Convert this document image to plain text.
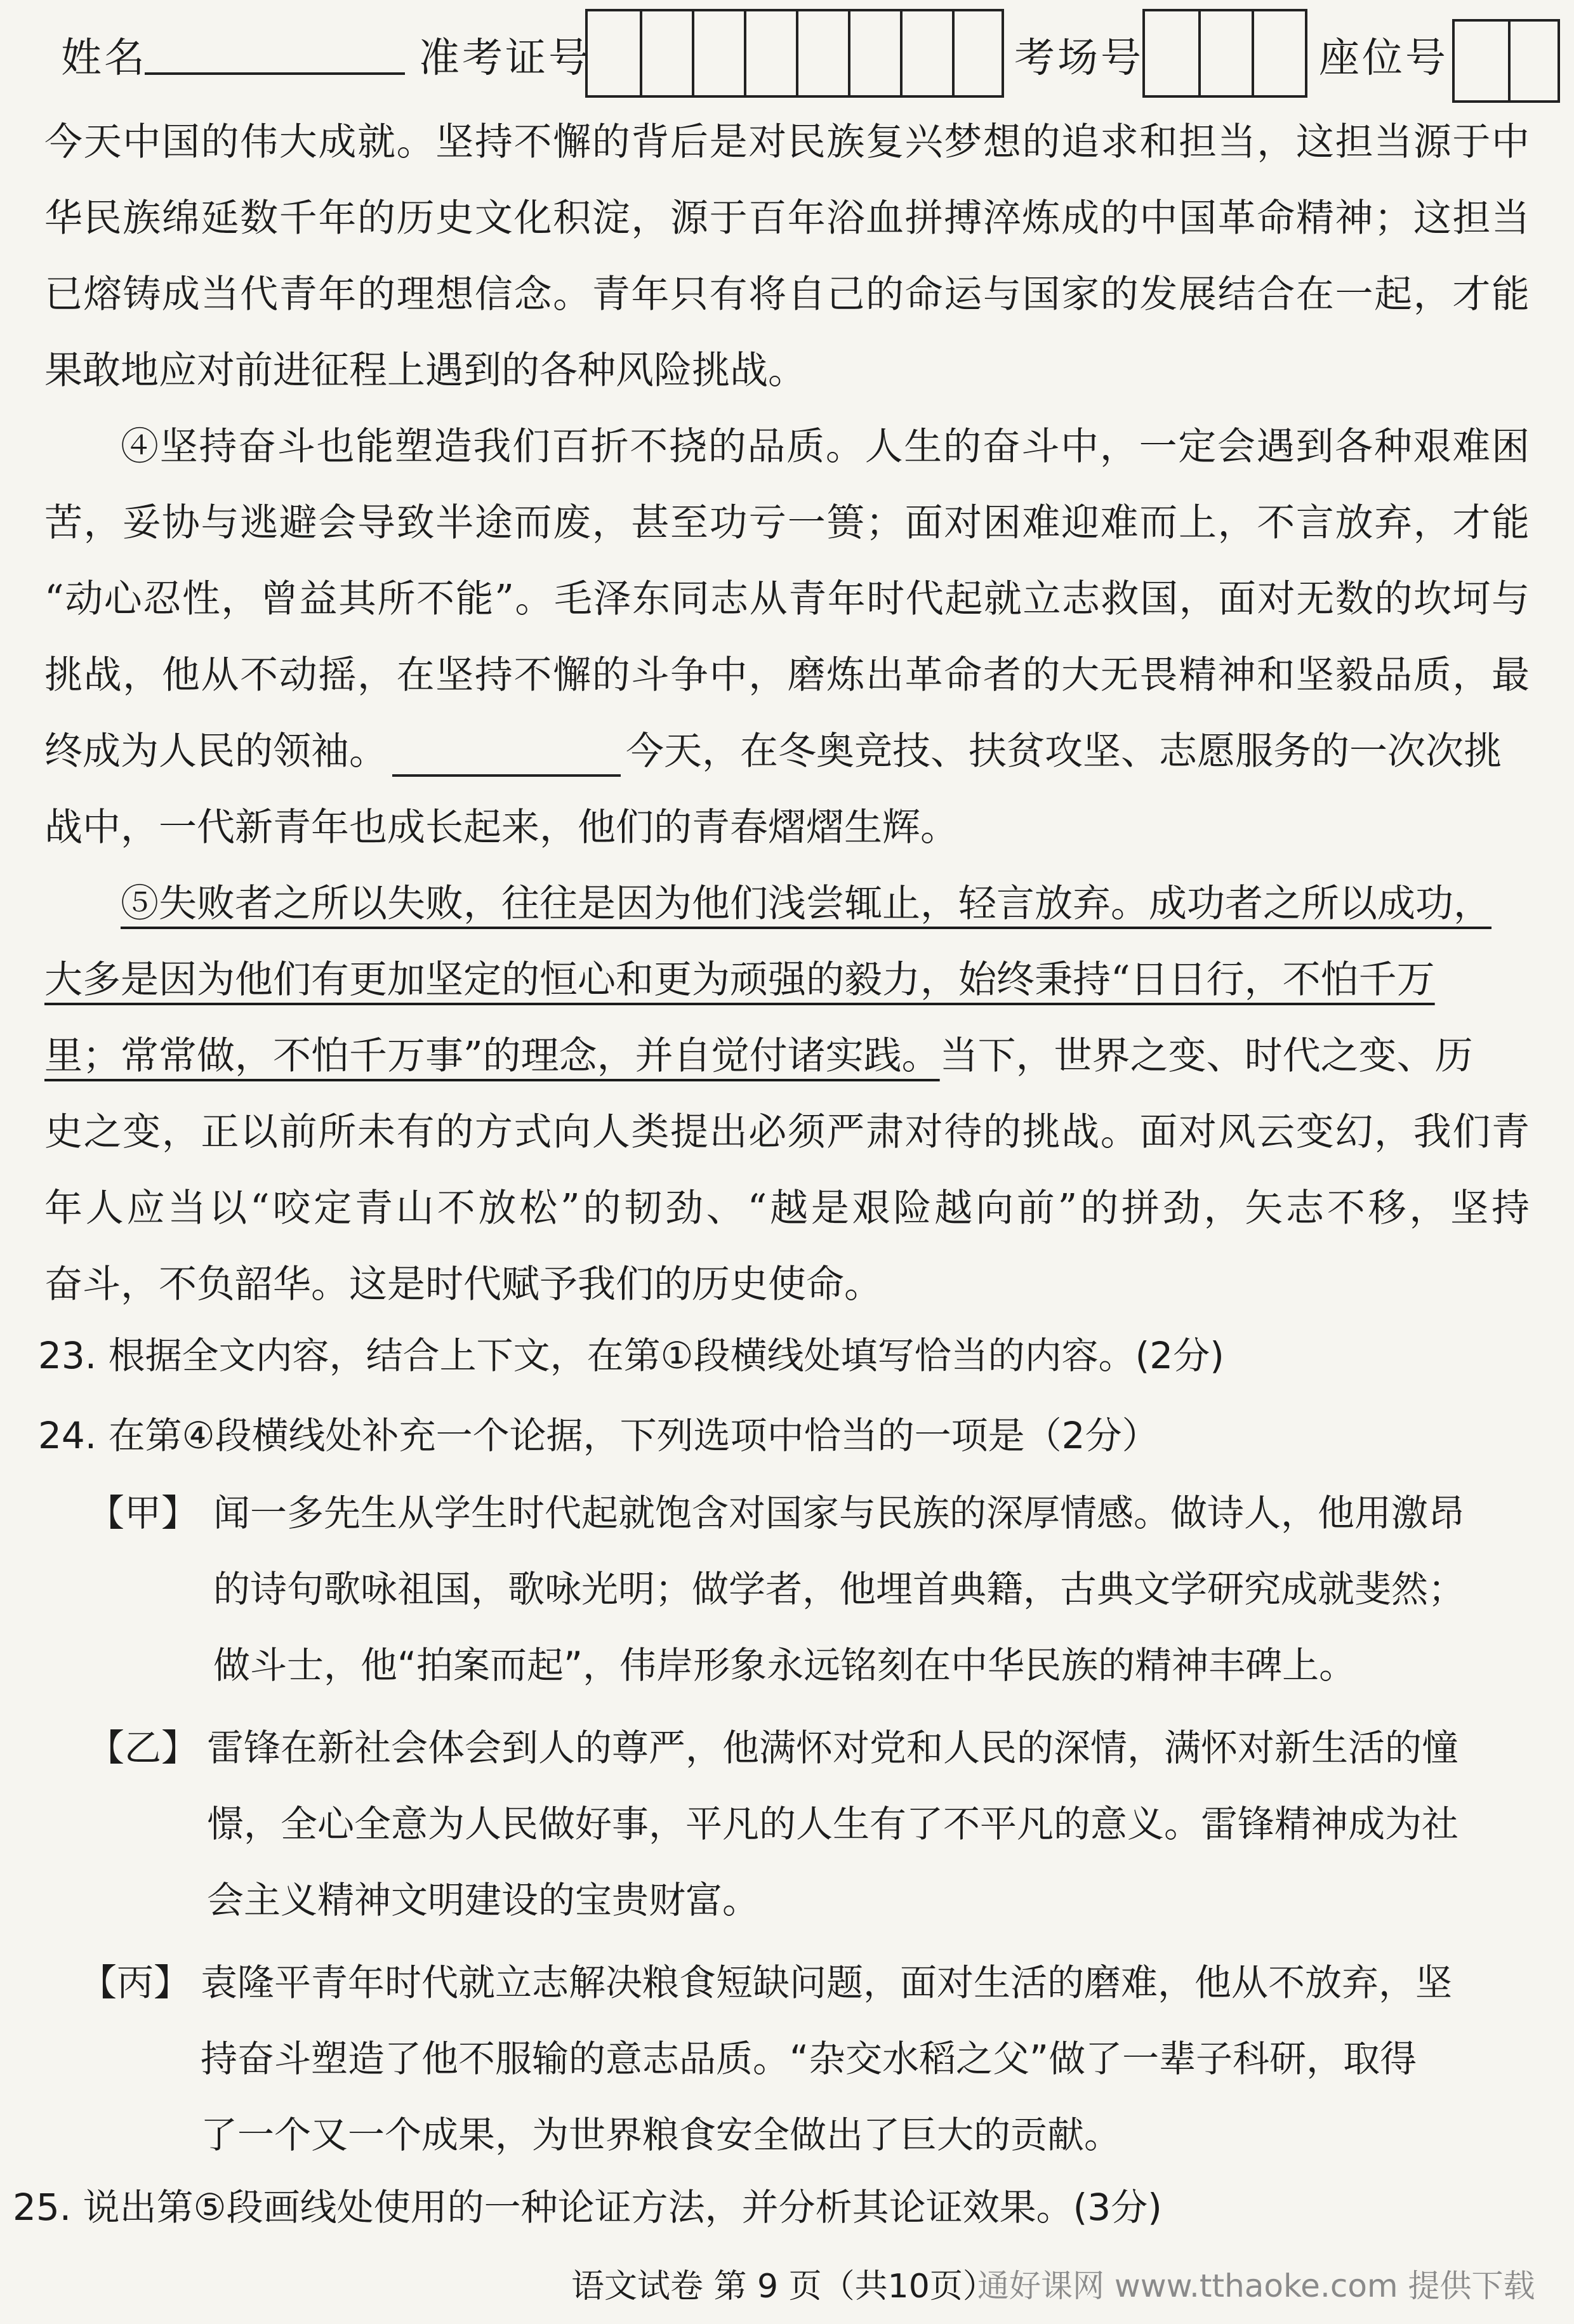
姓名	准考证号	考场号	座位号
今天中国的伟大成就。坚持不懈的背后是对民族复兴梦想的追求和担当，这担当源于中
华民族绵延数千年的历史文化积淀，源于百年浴血拼搏淬炼成的中国革命精神；这担当
已熔铸成当代青年的理想信念。青年只有将自己的命运与国家的发展结合在一起，才能
果敢地应对前进征程上遇到的各种风险挑战。
④坚持奋斗也能塑造我们百折不挠的品质。人生的奋斗中，一定会遇到各种艰难困
苦，妥协与逃避会导致半途而废，甚至功亏一篑；面对困难迎难而上，不言放弃，才能
“动心忍性，曾益其所不能”。毛泽东同志从青年时代起就立志救国，面对无数的坎坷与
挑战，他从不动摇，在坚持不懈的斗争中，磨炼出革命者的大无畏精神和坚毅品质，最
终成为人民的领袖。	今天，在冬奥竞技、扶贫攻坚、志愿服务的一次次挑
战中，一代新青年也成长起来，他们的青春熠熠生辉。
⑤失败者之所以失败，往往是因为他们浅尝辄止，轻言放弃。成功者之所以成功，
大多是因为他们有更加坚定的恒心和更为顽强的毅力，始终秉持“日日行，不怕千万
里；常常做，不怕千万事”的理念，并自觉付诸实践。当下，世界之变、时代之变、历
史之变，正以前所未有的方式向人类提出必须严肃对待的挑战。面对风云变幻，我们青
年人应当以“咬定青山不放松”的韧劲、“越是艰险越向前”的拼劲，矢志不移，坚持
奋斗，不负韶华。这是时代赋予我们的历史使命。
23. 根据全文内容，结合上下文，在第①段横线处填写恰当的内容。(2分)
24. 在第④段横线处补充一个论据，下列选项中恰当的一项是（2分）
【甲】 闻一多先生从学生时代起就饱含对国家与民族的深厚情感。做诗人，他用激昂
的诗句歌咏祖国，歌咏光明；做学者，他埋首典籍，古典文学研究成就斐然；
做斗士，他“拍案而起”，伟岸形象永远铭刻在中华民族的精神丰碑上。
【乙】 雷锋在新社会体会到人的尊严，他满怀对党和人民的深情，满怀对新生活的憧
憬，全心全意为人民做好事，平凡的人生有了不平凡的意义。雷锋精神成为社
会主义精神文明建设的宝贵财富。
【丙】 袁隆平青年时代就立志解决粮食短缺问题，面对生活的磨难，他从不放弃，坚
持奋斗塑造了他不服输的意志品质。“杂交水稻之父”做了一辈子科研，取得
了一个又一个成果，为世界粮食安全做出了巨大的贡献。
25. 说出第⑤段画线处使用的一种论证方法，并分析其论证效果。(3分)
语文试卷 第 9 页（共10页）
通好课网 www.tthaoke.com 提供下载
